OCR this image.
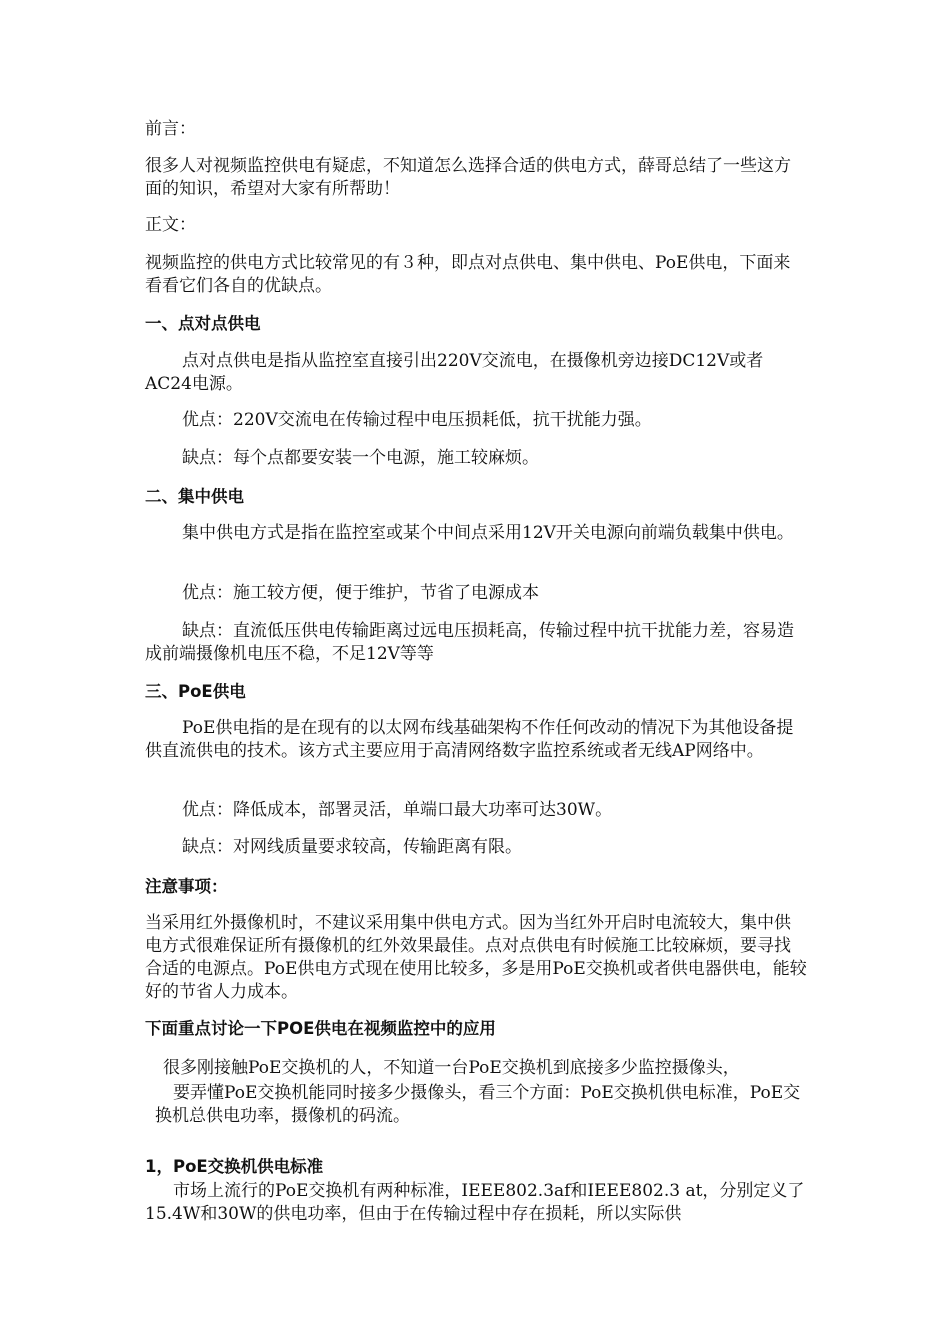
前言：
很多人对视频监控供电有疑虑，不知道怎么选择合适的供电方式，薛哥总结了一些这方面的知识，希望对大家有所帮助！
正文：
视频监控的供电方式比较常见的有３种，即点对点供电、集中供电、PoE供电，下面来看看它们各自的优缺点。
一、点对点供电
点对点供电是指从监控室直接引出220V交流电，在摄像机旁边接DC12V或者AC24电源。
优点：220V交流电在传输过程中电压损耗低，抗干扰能力强。
缺点：每个点都要安装一个电源，施工较麻烦。
二、集中供电
集中供电方式是指在监控室或某个中间点采用12V开关电源向前端负载集中供电。
优点：施工较方便，便于维护，节省了电源成本
缺点：直流低压供电传输距离过远电压损耗高，传输过程中抗干扰能力差，容易造成前端摄像机电压不稳，不足12V等等
三、PoE供电
PoE供电指的是在现有的以太网布线基础架构不作任何改动的情况下为其他设备提供直流供电的技术。该方式主要应用于高清网络数字监控系统或者无线AP网络中。
优点：降低成本，部署灵活，单端口最大功率可达30W。
缺点：对网线质量要求较高，传输距离有限。
注意事项：
当采用红外摄像机时，不建议采用集中供电方式。因为当红外开启时电流较大，集中供电方式很难保证所有摄像机的红外效果最佳。点对点供电有时候施工比较麻烦，要寻找合适的电源点。PoE供电方式现在使用比较多，多是用PoE交换机或者供电器供电，能较好的节省人力成本。
下面重点讨论一下POE供电在视频监控中的应用
很多刚接触PoE交换机的人，不知道一台PoE交换机到底接多少监控摄像头，
要弄懂PoE交换机能同时接多少摄像头，看三个方面：PoE交换机供电标准，PoE交换机总供电功率，摄像机的码流。
1，PoE交换机供电标准
市场上流行的PoE交换机有两种标准，IEEE802.3af和IEEE802.3 at，分别定义了15.4W和30W的供电功率，但由于在传输过程中存在损耗，所以实际供
